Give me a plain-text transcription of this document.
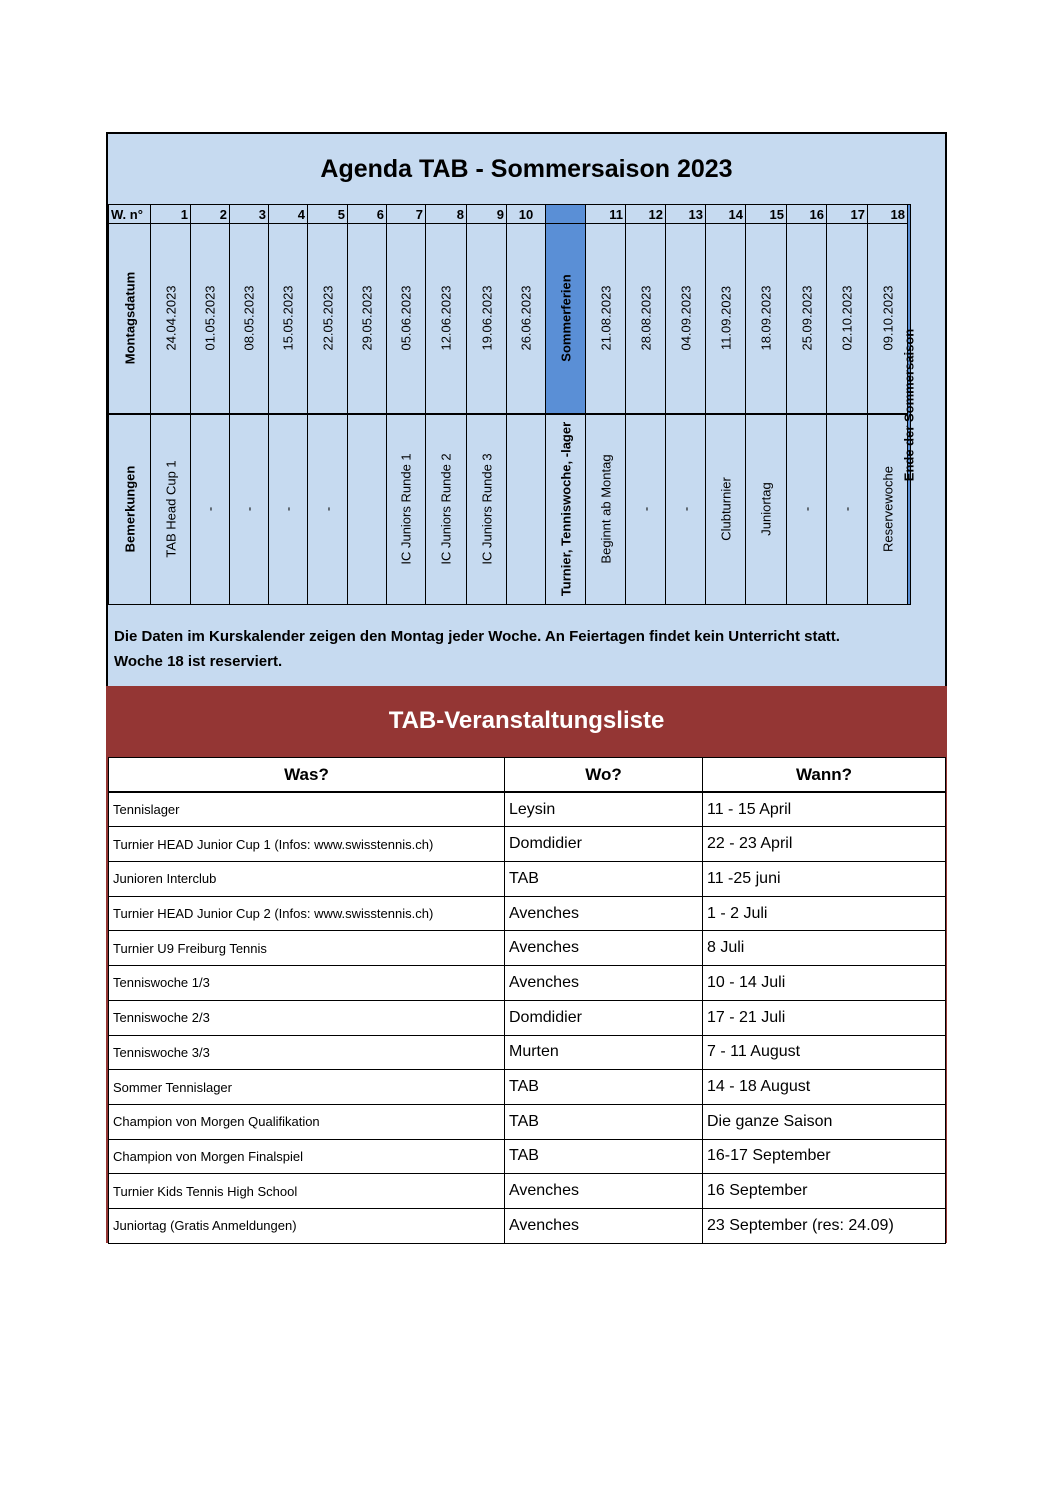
Agenda TAB - Sommersaison 2023
W. n°	1	2	3	4	5	6	7	8	9	10		11	12	13	14	15	16	17	18	Ende der Sommersaison

Montagsdatum	24.04.2023	01.05.2023	08.05.2023	15.05.2023	22.05.2023	29.05.2023	05.06.2023	12.06.2023	19.06.2023	26.06.2023	Sommerferien	21.08.2023	28.08.2023	04.09.2023	11.09.2023	18.09.2023	25.09.2023	02.10.2023	09.10.2023	

Bemerkungen	TAB Head Cup 1	-	-	-	-		IC Juniors Runde 1	IC Juniors Runde 2	IC Juniors Runde 3		Turnier, Tenniswoche, -lager	Beginnt ab Montag	-	-	Clubturnier	Juniortag	-	-	Reservewoche	
Die Daten im Kurskalender zeigen den Montag jeder Woche. An Feiertagen findet kein Unterricht statt.
Woche 18 ist reserviert.
TAB-Veranstaltungsliste
Was?	Wo?	Wann?
Tennislager	Leysin	11 - 15 April
Turnier HEAD Junior Cup 1 (Infos: www.swisstennis.ch)	Domdidier	22 - 23 April
Junioren Interclub	TAB	11 -25 juni
Turnier HEAD Junior Cup 2 (Infos: www.swisstennis.ch)	Avenches	1 - 2 Juli
Turnier U9 Freiburg Tennis	Avenches	8 Juli
Tenniswoche 1/3	Avenches	10 - 14 Juli
Tenniswoche 2/3	Domdidier	17 - 21 Juli
Tenniswoche 3/3	Murten	7 - 11 August
Sommer Tennislager	TAB	14 - 18 August
Champion von Morgen Qualifikation	TAB	Die ganze Saison
Champion von Morgen Finalspiel	TAB	16-17 September
Turnier Kids Tennis High School	Avenches	16 September
Juniortag (Gratis Anmeldungen)	Avenches	23 September (res: 24.09)
